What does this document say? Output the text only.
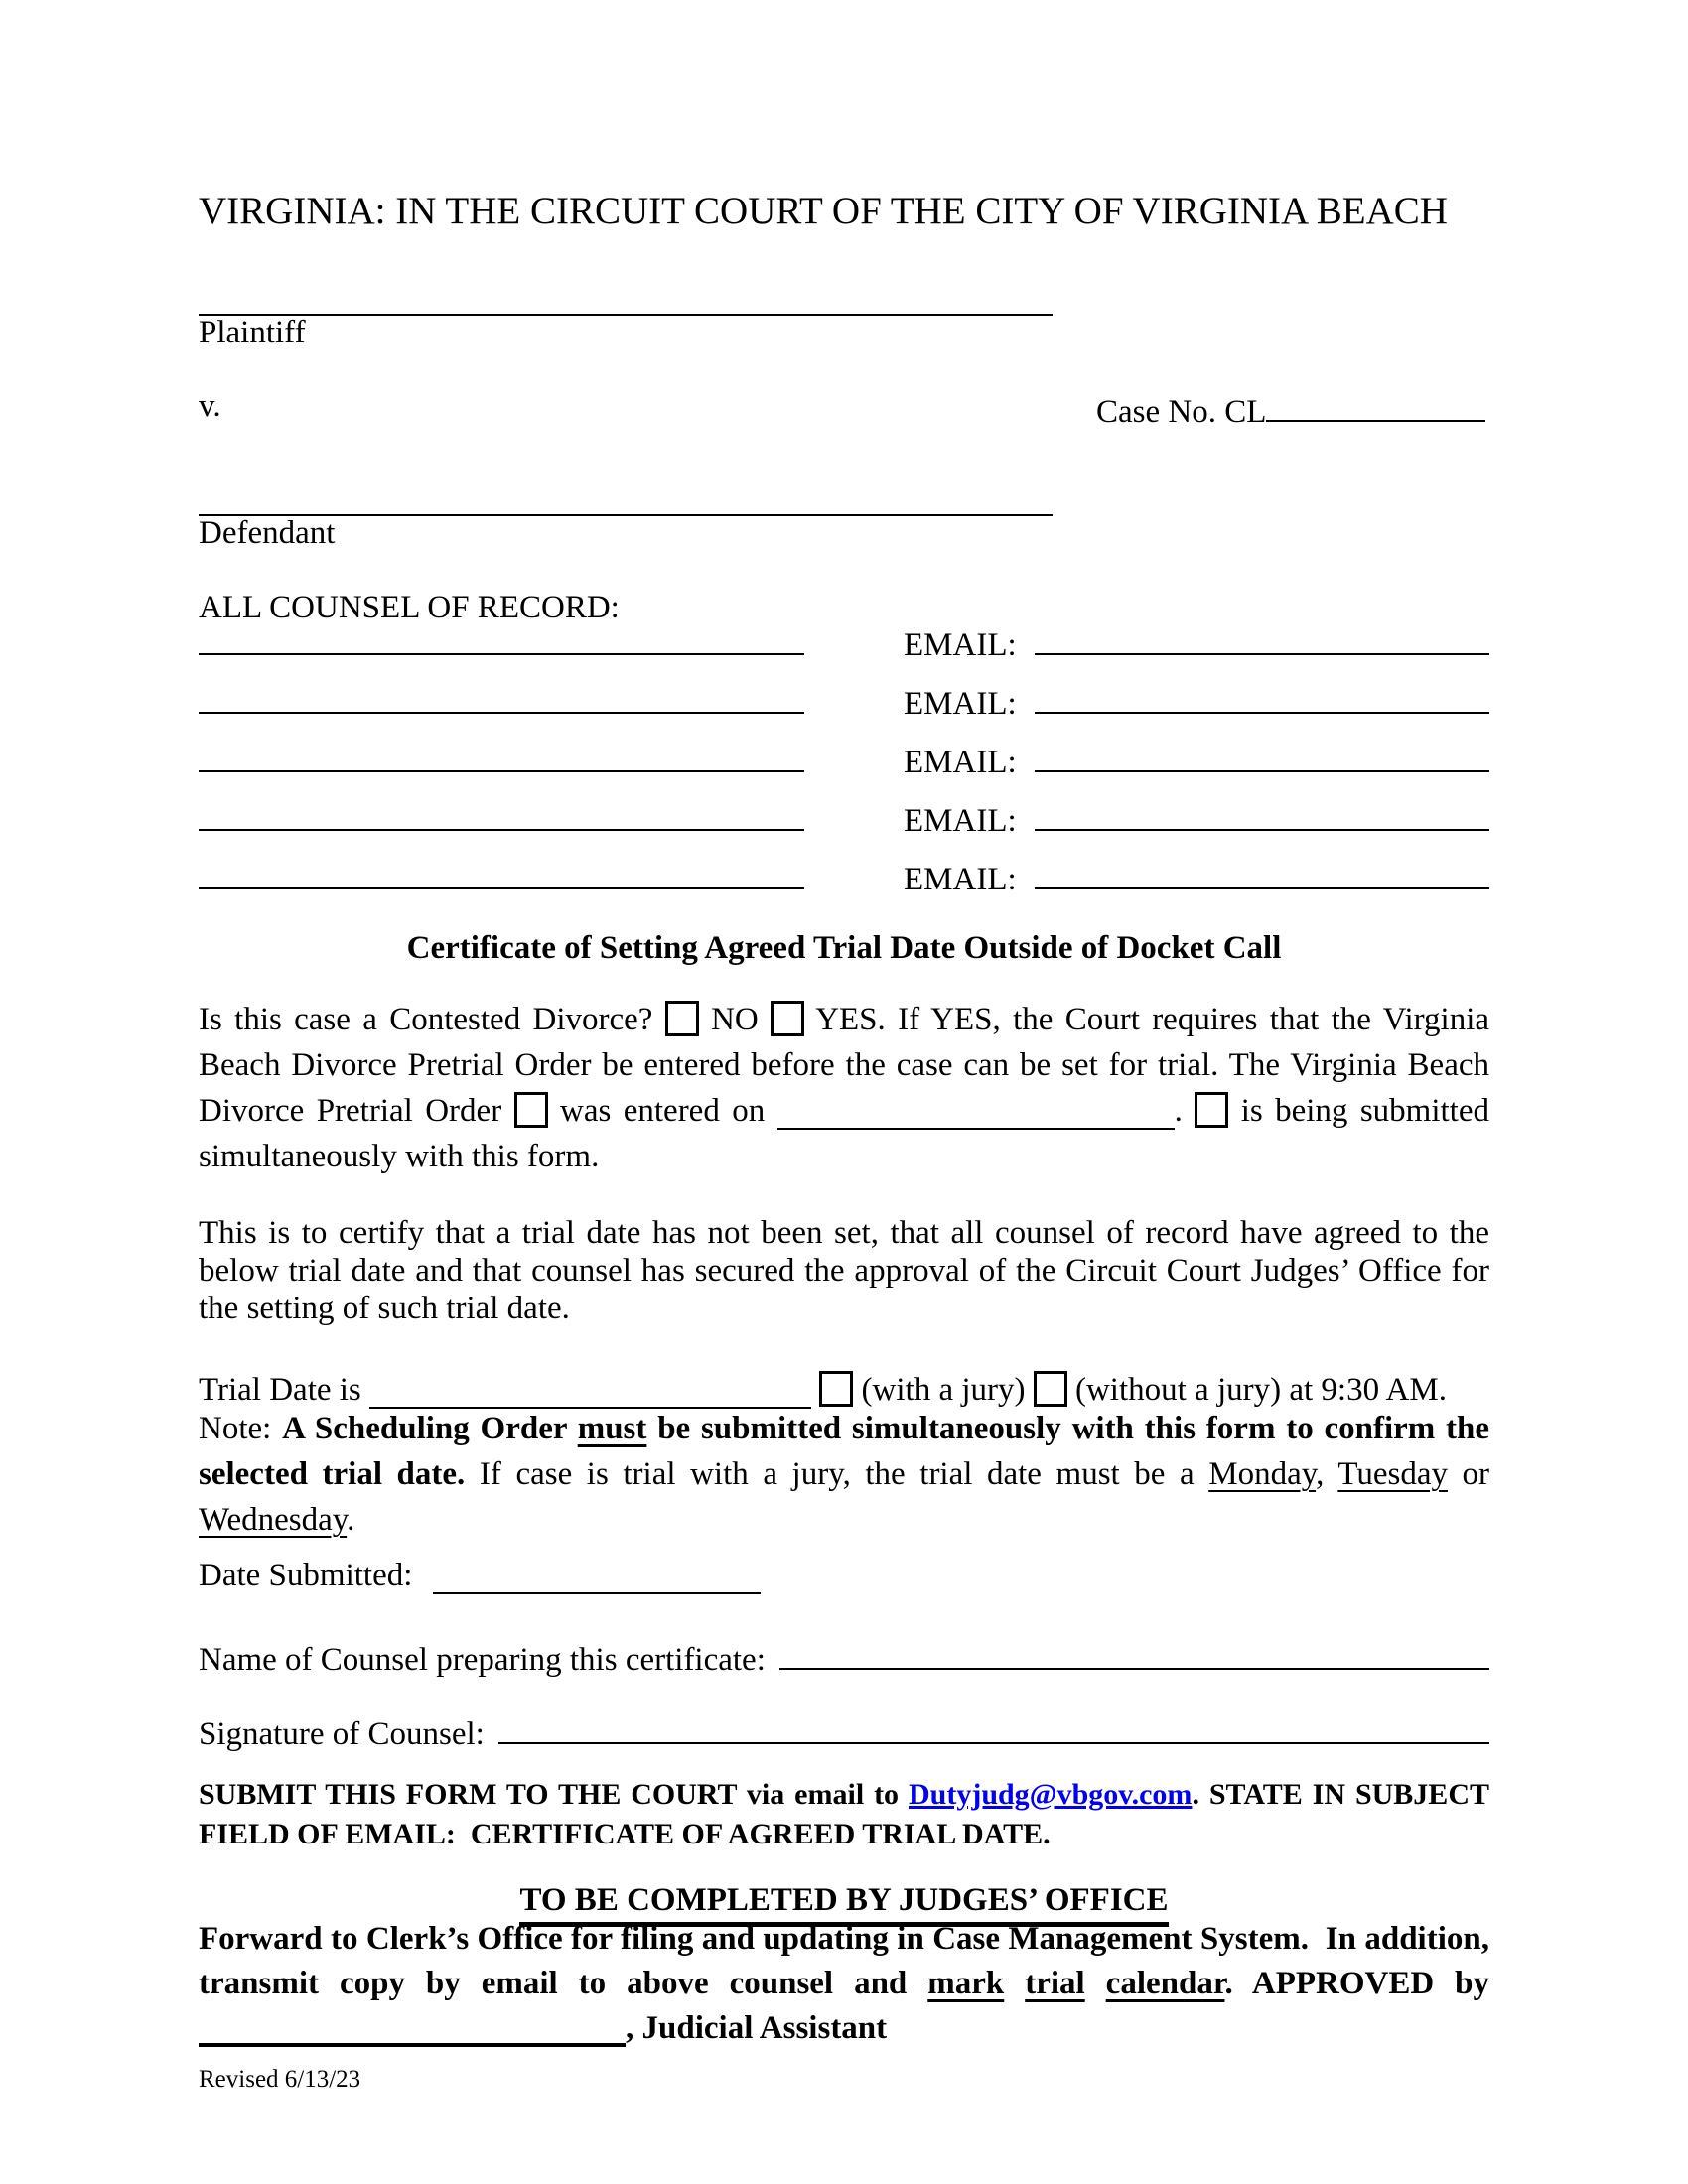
VIRGINIA: IN THE CIRCUIT COURT OF THE CITY OF VIRGINIA BEACH
Plaintiff
v.	Case No. CL
Defendant
ALL COUNSEL OF RECORD:
EMAIL:
EMAIL:
EMAIL:
EMAIL:
EMAIL:
Certificate of Setting Agreed Trial Date Outside of Docket Call
Is this case a Contested Divorce? NO YES. If YES, the Court requires that the Virginia Beach Divorce Pretrial Order be entered before the case can be set for trial. The Virginia Beach Divorce Pretrial Order was entered on	. is being submitted simultaneously with this form.
This is to certify that a trial date has not been set, that all counsel of record have agreed to the below trial date and that counsel has secured the approval of the Circuit Court Judges’ Office for the setting of such trial date.
Trial Date is	(with a jury) (without a jury) at 9:30 AM.
Note: A Scheduling Order must be submitted simultaneously with this form to confirm the selected trial date. If case is trial with a jury, the trial date must be a Monday, Tuesday or Wednesday.
Date Submitted:
Name of Counsel preparing this certificate:
Signature of Counsel:
SUBMIT THIS FORM TO THE COURT via email to Dutyjudg@vbgov.com. STATE IN SUBJECT FIELD OF EMAIL:  CERTIFICATE OF AGREED TRIAL DATE.
TO BE COMPLETED BY JUDGES’ OFFICE
Forward to Clerk’s Office for filing and updating in Case Management System.  In addition, transmit copy by email to above counsel and mark trial calendar. APPROVED by , Judicial Assistant
Revised 6/13/23
